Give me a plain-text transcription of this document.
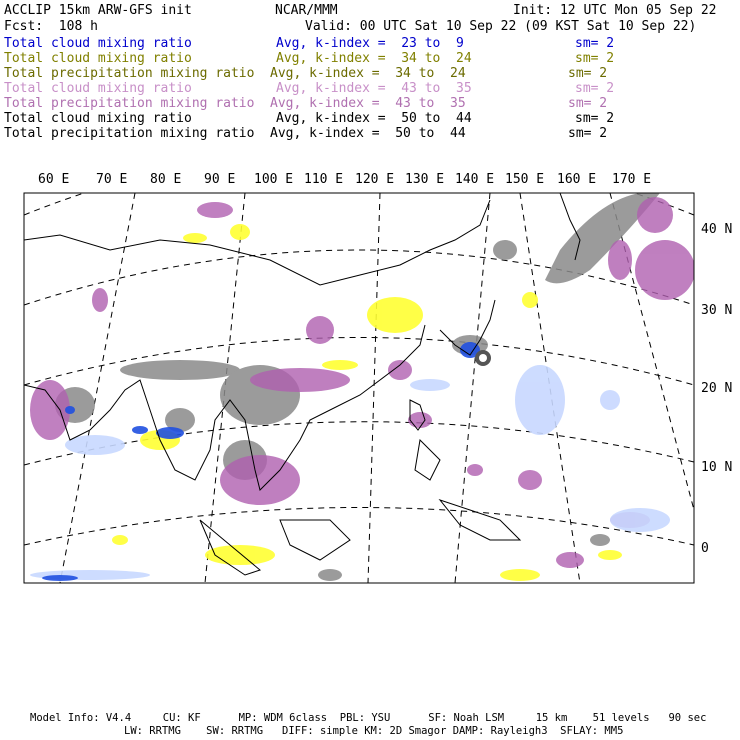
ACCLIP 15km ARW-GFS init	NCAR/MMM	Init: 12 UTC Mon 05 Sep 22
Fcst:  108 h	Valid: 00 UTC Sat 10 Sep 22 (09 KST Sat 10 Sep 22)
Total cloud mixing ratio	Avg, k-index =  23 to  9	sm= 2
Total cloud mixing ratio	Avg, k-index =  34 to  24	sm= 2
Total precipitation mixing ratio Avg, k-index =  34 to  24	sm= 2
Total cloud mixing ratio	Avg, k-index =  43 to  35	sm= 2
Total precipitation mixing ratio Avg, k-index =  43 to  35	sm= 2
Total cloud mixing ratio	Avg, k-index =  50 to  44	sm= 2
Total precipitation mixing ratio Avg, k-index =  50 to  44	sm= 2
60 E 70 E 80 E 90 E 100 E 110 E 120 E 130 E 140 E 150 E 160 E 170 E
40 N
30 N
20 N
10 N
0
Model Info: V4.4     CU: KF      MP: WDM 6class  PBL: YSU      SF: Noah LSM     15 km    51 levels   90 sec
LW: RRTMG    SW: RRTMG   DIFF: simple KM: 2D Smagor DAMP: Rayleigh3  SFLAY: MM5
